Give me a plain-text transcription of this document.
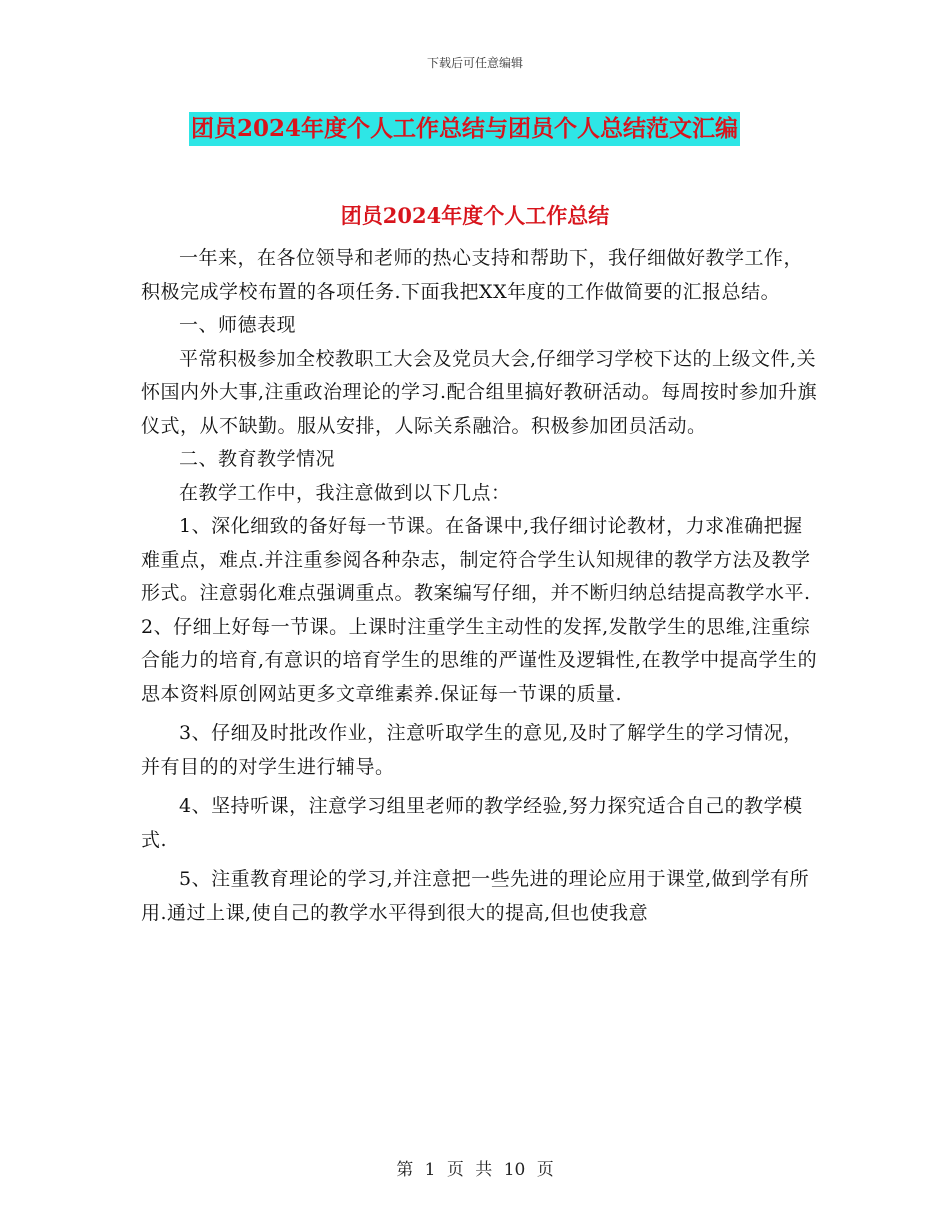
下载后可任意编辑
团员2024年度个人工作总结与团员个人总结范文汇编
团员2024年度个人工作总结

一年来，在各位领导和老师的热心支持和帮助下，我仔细做好教学工作，积极完成学校布置的各项任务.下面我把XX年度的工作做简要的汇报总结。

一、师德表现

平常积极参加全校教职工大会及党员大会,仔细学习学校下达的上级文件,关怀国内外大事,注重政治理论的学习.配合组里搞好教研活动。每周按时参加升旗仪式，从不缺勤。服从安排，人际关系融洽。积极参加团员活动。

二、教育教学情况

在教学工作中，我注意做到以下几点：

1、深化细致的备好每一节课。在备课中,我仔细讨论教材，力求准确把握难重点，难点.并注重参阅各种杂志，制定符合学生认知规律的教学方法及教学形式。注意弱化难点强调重点。教案编写仔细，并不断归纳总结提高教学水平.　　　　2、仔细上好每一节课。上课时注重学生主动性的发挥,发散学生的思维,注重综合能力的培育,有意识的培育学生的思维的严谨性及逻辑性,在教学中提高学生的思本资料原创网站更多文章维素养.保证每一节课的质量.

3、仔细及时批改作业，注意听取学生的意见,及时了解学生的学习情况，并有目的的对学生进行辅导。

4、坚持听课，注意学习组里老师的教学经验,努力探究适合自己的教学模式.

5、注重教育理论的学习,并注意把一些先进的理论应用于课堂,做到学有所用.通过上课,使自己的教学水平得到很大的提高,但也使我意

第 1 页 共 10 页
